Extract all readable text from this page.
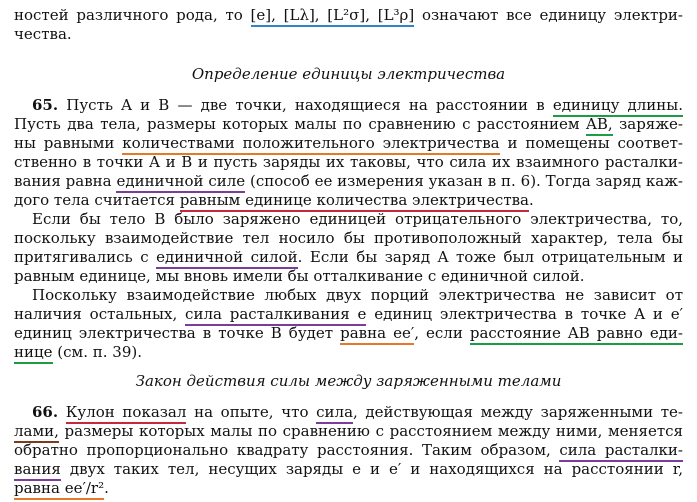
ностей различного рода, то [e], [Lλ], [L²σ], [L³ρ] означают все единицу электри-
чества.
Определение единицы электричества
65. Пусть A и B — две точки, находящиеся на расстоянии в единицу длины.
Пусть два тела, размеры которых малы по сравнению с расстоянием AB, заряже-
ны равными количествами положительного электричества и помещены соответ-
ственно в точки A и B и пусть заряды их таковы, что сила их взаимного расталки-
вания равна единичной силе (способ ее измерения указан в п. 6). Тогда заряд каж-
дого тела считается равным единице количества электричества.
Если бы тело B было заряжено единицей отрицательного электричества, то,
поскольку взаимодействие тел носило бы противоположный характер, тела бы
притягивались с единичной силой. Если бы заряд A тоже был отрицательным и
равным единице, мы вновь имели бы отталкивание с единичной силой.
Поскольку взаимодействие любых двух порций электричества не зависит от
наличия остальных, сила расталкивания e единиц электричества в точке A и e′
единиц электричества в точке B будет равна ee′, если расстояние AB равно еди-
нице (см. п. 39).
Закон действия силы между заряженными телами
66. Кулон показал на опыте, что сила, действующая между заряженными те-
лами, размеры которых малы по сравнению с расстоянием между ними, меняется
обратно пропорционально квадрату расстояния. Таким образом, сила расталки-
вания двух таких тел, несущих заряды e и e′ и находящихся на расстоянии r,
равна ee′/r².
